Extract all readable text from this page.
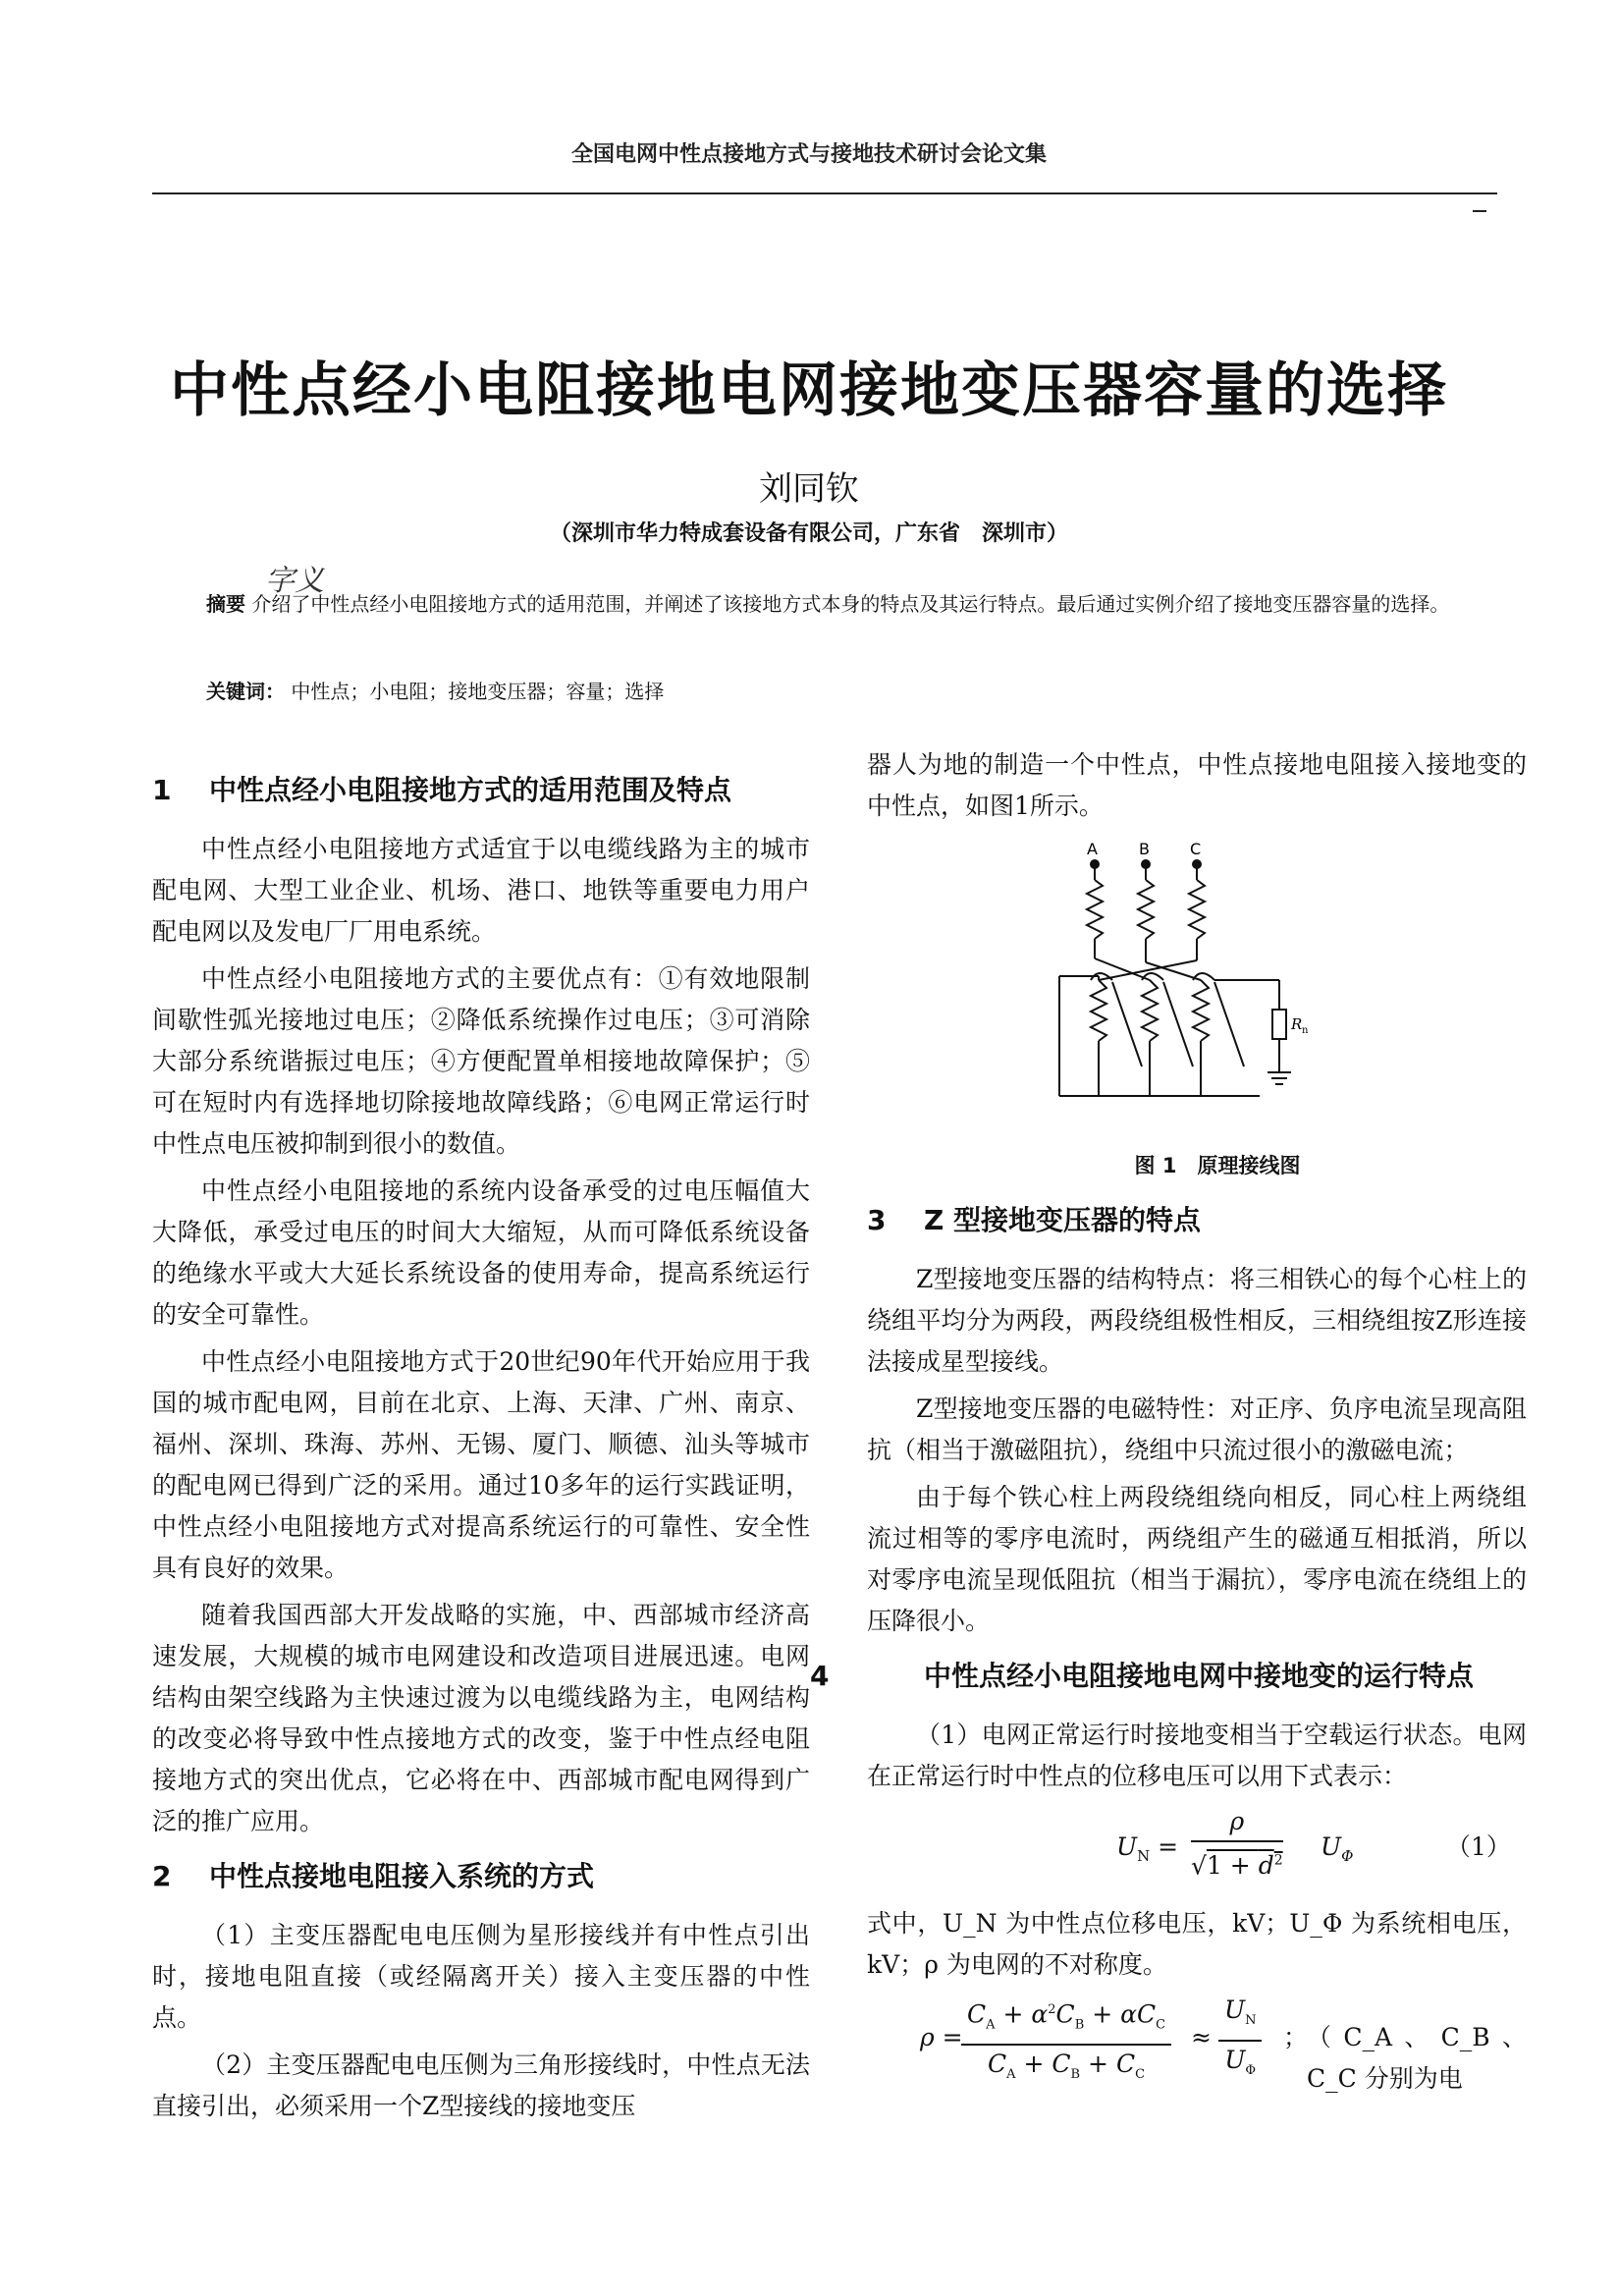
全国电网中性点接地方式与接地技术研讨会论文集
中性点经小电阻接地电网接地变压器容量的选择
刘同钦
（深圳市华力特成套设备有限公司，广东省　深圳市）
字义
摘要 介绍了中性点经小电阻接地方式的适用范围，并阐述了该接地方式本身的特点及其运行特点。最后通过实例介绍了接地变压器容量的选择。
关键词： 中性点；小电阻；接地变压器；容量；选择
1 中性点经小电阻接地方式的适用范围及特点

中性点经小电阻接地方式适宜于以电缆线路为主的城市配电网、大型工业企业、机场、港口、地铁等重要电力用户配电网以及发电厂厂用电系统。

中性点经小电阻接地方式的主要优点有：①有效地限制间歇性弧光接地过电压；②降低系统操作过电压；③可消除大部分系统谐振过电压；④方便配置单相接地故障保护；⑤可在短时内有选择地切除接地故障线路；⑥电网正常运行时中性点电压被抑制到很小的数值。

中性点经小电阻接地的系统内设备承受的过电压幅值大大降低，承受过电压的时间大大缩短，从而可降低系统设备的绝缘水平或大大延长系统设备的使用寿命，提高系统运行的安全可靠性。

中性点经小电阻接地方式于20世纪90年代开始应用于我国的城市配电网，目前在北京、上海、天津、广州、南京、福州、深圳、珠海、苏州、无锡、厦门、顺德、汕头等城市的配电网已得到广泛的采用。通过10多年的运行实践证明，中性点经小电阻接地方式对提高系统运行的可靠性、安全性具有良好的效果。

随着我国西部大开发战略的实施，中、西部城市经济高速发展，大规模的城市电网建设和改造项目进展迅速。电网结构由架空线路为主快速过渡为以电缆线路为主，电网结构的改变必将导致中性点接地方式的改变，鉴于中性点经电阻接地方式的突出优点，它必将在中、西部城市配电网得到广泛的推广应用。

2 中性点接地电阻接入系统的方式

（1）主变压器配电电压侧为星形接线并有中性点引出时，接地电阻直接（或经隔离开关）接入主变压器的中性点。

（2）主变压器配电电压侧为三角形接线时，中性点无法直接引出，必须采用一个Z型接线的接地变压

器人为地的制造一个中性点，中性点接地电阻接入接地变的中性点，如图1所示。

A	B	C
R n

图 1　原理接线图

3 Z 型接地变压器的特点

Z型接地变压器的结构特点：将三相铁心的每个心柱上的绕组平均分为两段，两段绕组极性相反，三相绕组按Z形连接法接成星型接线。

Z型接地变压器的电磁特性：对正序、负序电流呈现高阻抗（相当于激磁阻抗），绕组中只流过很小的激磁电流；

由于每个铁心柱上两段绕组绕向相反，同心柱上两绕组流过相等的零序电流时，两绕组产生的磁通互相抵消，所以对零序电流呈现低阻抗（相当于漏抗），零序电流在绕组上的压降很小。

4	中性点经小电阻接地电网中接地变的运行特点

（1）电网正常运行时接地变相当于空载运行状态。电网在正常运行时中性点的位移电压可以用下式表示：

$U_N = \frac{\rho}{√1 + d^2} U_\Phi$	（1）

式中，U_N 为中性点位移电压，kV；U_Φ 为系统相电压，kV；ρ 为电网的不对称度。

ρ =
$C_A + \alpha^2C_B + \alpha C_C$
$C_A + C_B + C_C$
≈ $\frac{U_N}{U_\Phi}$ ；
（C_A、C_B、C_C 分别为电
